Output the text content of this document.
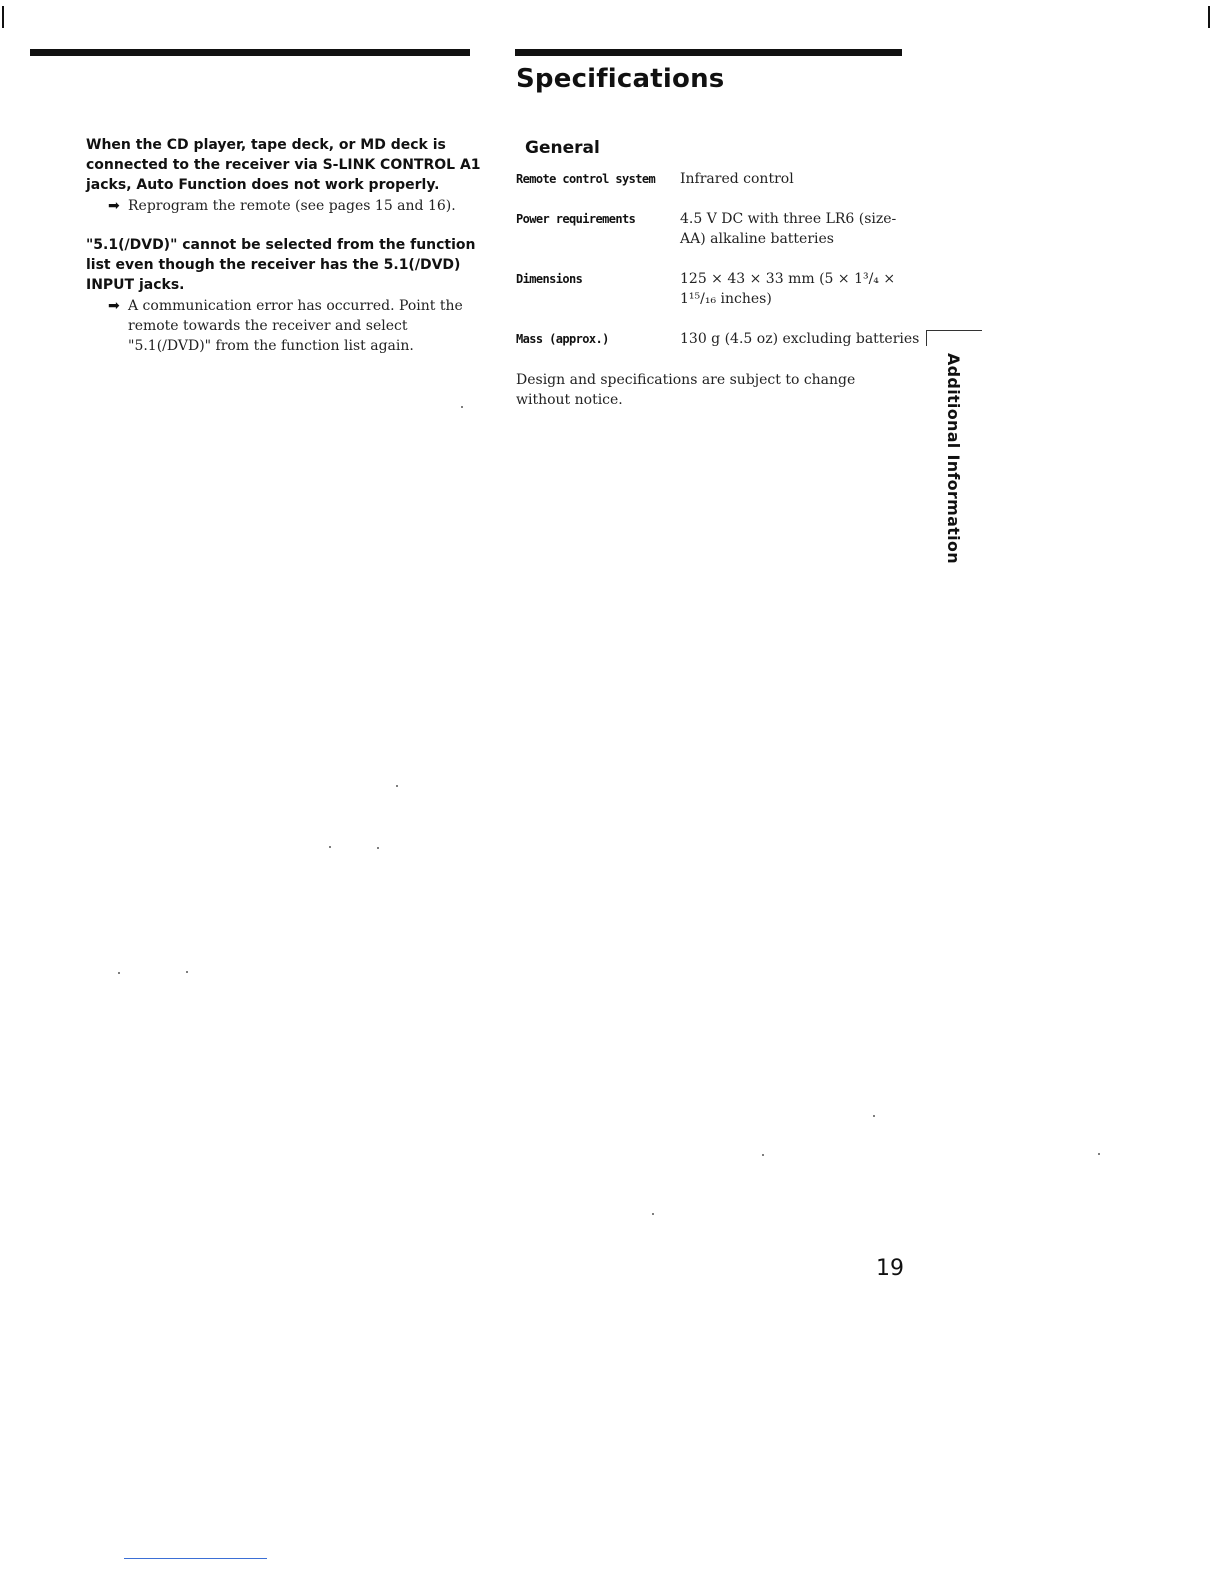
Specifications

When the CD player, tape deck, or MD deck is connected to the receiver via S-LINK CONTROL A1 jacks, Auto Function does not work properly.

➡ Reprogram the remote (see pages 15 and 16).

"5.1(/DVD)" cannot be selected from the function list even though the receiver has the 5.1(/DVD) INPUT jacks.

➡ A communication error has occurred. Point the remote towards the receiver and select "5.1(/DVD)" from the function list again.
General
Remote control system	Infrared control
Power requirements	4.5 V DC with three LR6 (size-AA) alkaline batteries
Dimensions	125 × 43 × 33 mm (5 × 1³/₄ × 1¹⁵/₁₆ inches)
Mass (approx.)	130 g (4.5 oz) excluding batteries
Design and specifications are subject to change without notice.	Additional Information
19
